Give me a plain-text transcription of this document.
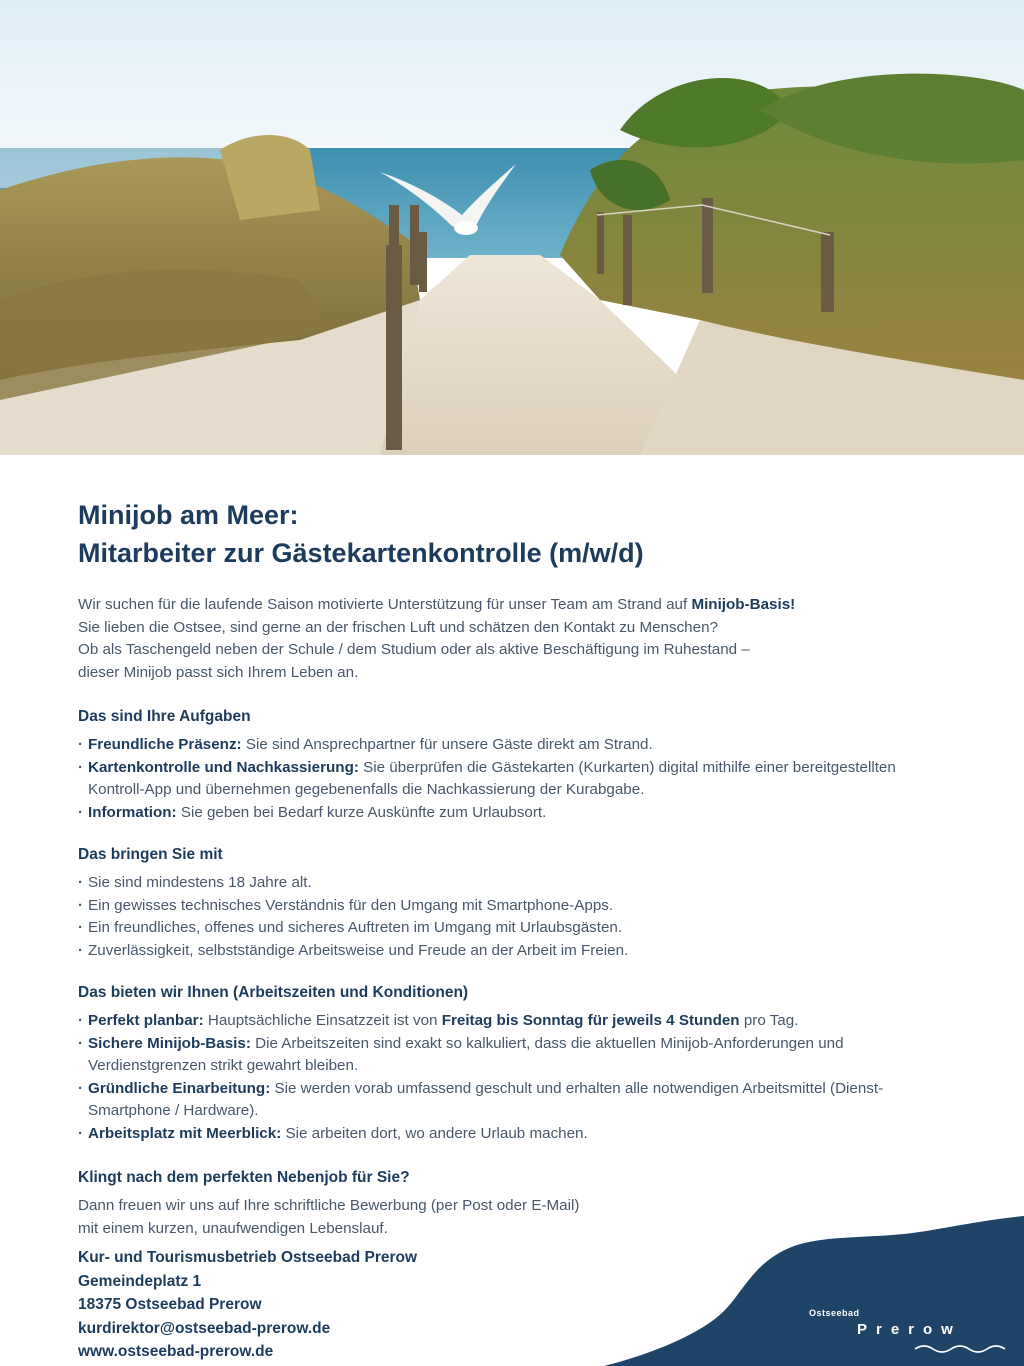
Minijob am Meer:
Mitarbeiter zur Gästekartenkontrolle (m/w/d)

Wir suchen für die laufende Saison motivierte Unterstützung für unser Team am Strand auf Minijob-Basis!

Sie lieben die Ostsee, sind gerne an der frischen Luft und schätzen den Kontakt zu Menschen?

Ob als Taschengeld neben der Schule / dem Studium oder als aktive Beschäftigung im Ruhestand –

dieser Minijob passt sich Ihrem Leben an.

Das sind Ihre Aufgaben
· Freundliche Präsenz: Sie sind Ansprechpartner für unsere Gäste direkt am Strand.
· Kartenkontrolle und Nachkassierung: Sie überprüfen die Gästekarten (Kurkarten) digital mithilfe einer bereitgestellten Kontroll-App und übernehmen gegebenenfalls die Nachkassierung der Kurabgabe.
· Information: Sie geben bei Bedarf kurze Auskünfte zum Urlaubsort.
Das bringen Sie mit
· Sie sind mindestens 18 Jahre alt.
· Ein gewisses technisches Verständnis für den Umgang mit Smartphone-Apps.
· Ein freundliches, offenes und sicheres Auftreten im Umgang mit Urlaubsgästen.
· Zuverlässigkeit, selbstständige Arbeitsweise und Freude an der Arbeit im Freien.
Das bieten wir Ihnen (Arbeitszeiten und Konditionen)
· Perfekt planbar: Hauptsächliche Einsatzzeit ist von Freitag bis Sonntag für jeweils 4 Stunden pro Tag.
· Sichere Minijob-Basis: Die Arbeitszeiten sind exakt so kalkuliert, dass die aktuellen Minijob-Anforderungen und Verdienstgrenzen strikt gewahrt bleiben.
· Gründliche Einarbeitung: Sie werden vorab umfassend geschult und erhalten alle notwendigen Arbeitsmittel (Dienst-Smartphone / Hardware).
· Arbeitsplatz mit Meerblick: Sie arbeiten dort, wo andere Urlaub machen.
Klingt nach dem perfekten Nebenjob für Sie?

Dann freuen wir uns auf Ihre schriftliche Bewerbung (per Post oder E-Mail)

mit einem kurzen, unaufwendigen Lebenslauf.

Kur- und Tourismusbetrieb Ostseebad Prerow
Gemeindeplatz 1
18375 Ostseebad Prerow
kurdirektor@ostseebad-prerow.de
www.ostseebad-prerow.de
Ostseebad
Prerow
